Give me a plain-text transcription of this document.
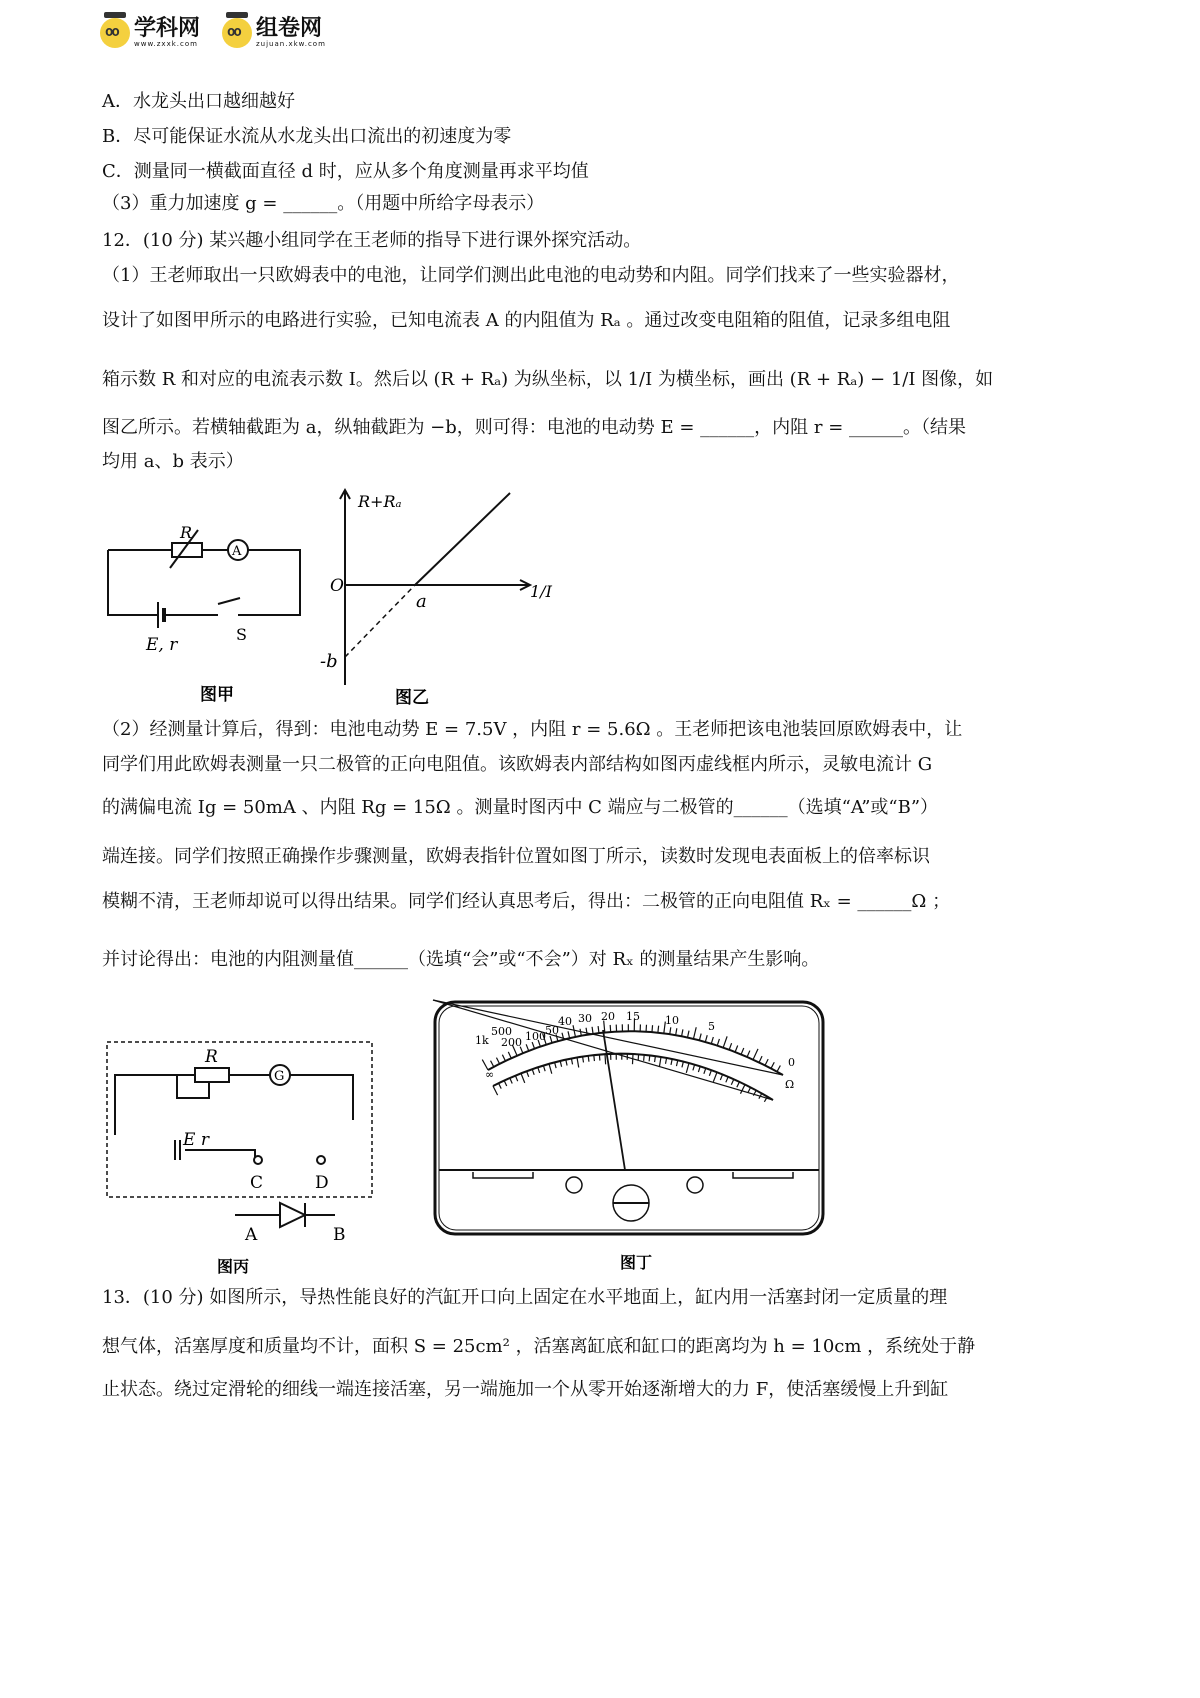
oo
学科网
www.zxxk.com
oo
组卷网
zujuan.xkw.com
A．水龙头出口越细越好
B．尽可能保证水流从水龙头出口流出的初速度为零
C．测量同一横截面直径 d 时，应从多个角度测量再求平均值
（3）重力加速度 g = ______。（用题中所给字母表示）
12．(10 分) 某兴趣小组同学在王老师的指导下进行课外探究活动。
（1）王老师取出一只欧姆表中的电池，让同学们测出此电池的电动势和内阻。同学们找来了一些实验器材，
设计了如图甲所示的电路进行实验，已知电流表 A 的内阻值为 Rₐ 。通过改变电阻箱的阻值，记录多组电阻
箱示数 R 和对应的电流表示数 I。然后以 (R + Rₐ) 为纵坐标，以 1/I 为横坐标，画出 (R + Rₐ) − 1/I 图像，如
图乙所示。若横轴截距为 a，纵轴截距为 −b，则可得：电池的电动势 E = ______，内阻 r = ______。（结果
均用 a、b 表示）
R
A
E, r
S
图甲
R+Rₐ
O
a
-b
1/I
图乙
（2）经测量计算后，得到：电池电动势 E = 7.5V ，内阻 r = 5.6Ω 。王老师把该电池装回原欧姆表中，让
同学们用此欧姆表测量一只二极管的正向电阻值。该欧姆表内部结构如图丙虚线框内所示，灵敏电流计 G
的满偏电流 Ig = 50mA 、内阻 Rg = 15Ω 。测量时图丙中 C 端应与二极管的______（选填“A”或“B”）
端连接。同学们按照正确操作步骤测量，欧姆表指针位置如图丁所示，读数时发现电表面板上的倍率标识
模糊不清，王老师却说可以得出结果。同学们经认真思考后，得出：二极管的正向电阻值 Rₓ = ______Ω ；
并讨论得出：电池的内阻测量值______（选填“会”或“不会”）对 Rₓ 的测量结果产生影响。
R
G
E r
C	D
A	B
图丙
∞
1k
500
200 100 50
40 30 20 15 10	5
0
Ω
图丁
13．(10 分) 如图所示，导热性能良好的汽缸开口向上固定在水平地面上，缸内用一活塞封闭一定质量的理
想气体，活塞厚度和质量均不计，面积 S = 25cm² ，活塞离缸底和缸口的距离均为 h = 10cm ，系统处于静
止状态。绕过定滑轮的细线一端连接活塞，另一端施加一个从零开始逐渐增大的力 F，使活塞缓慢上升到缸
